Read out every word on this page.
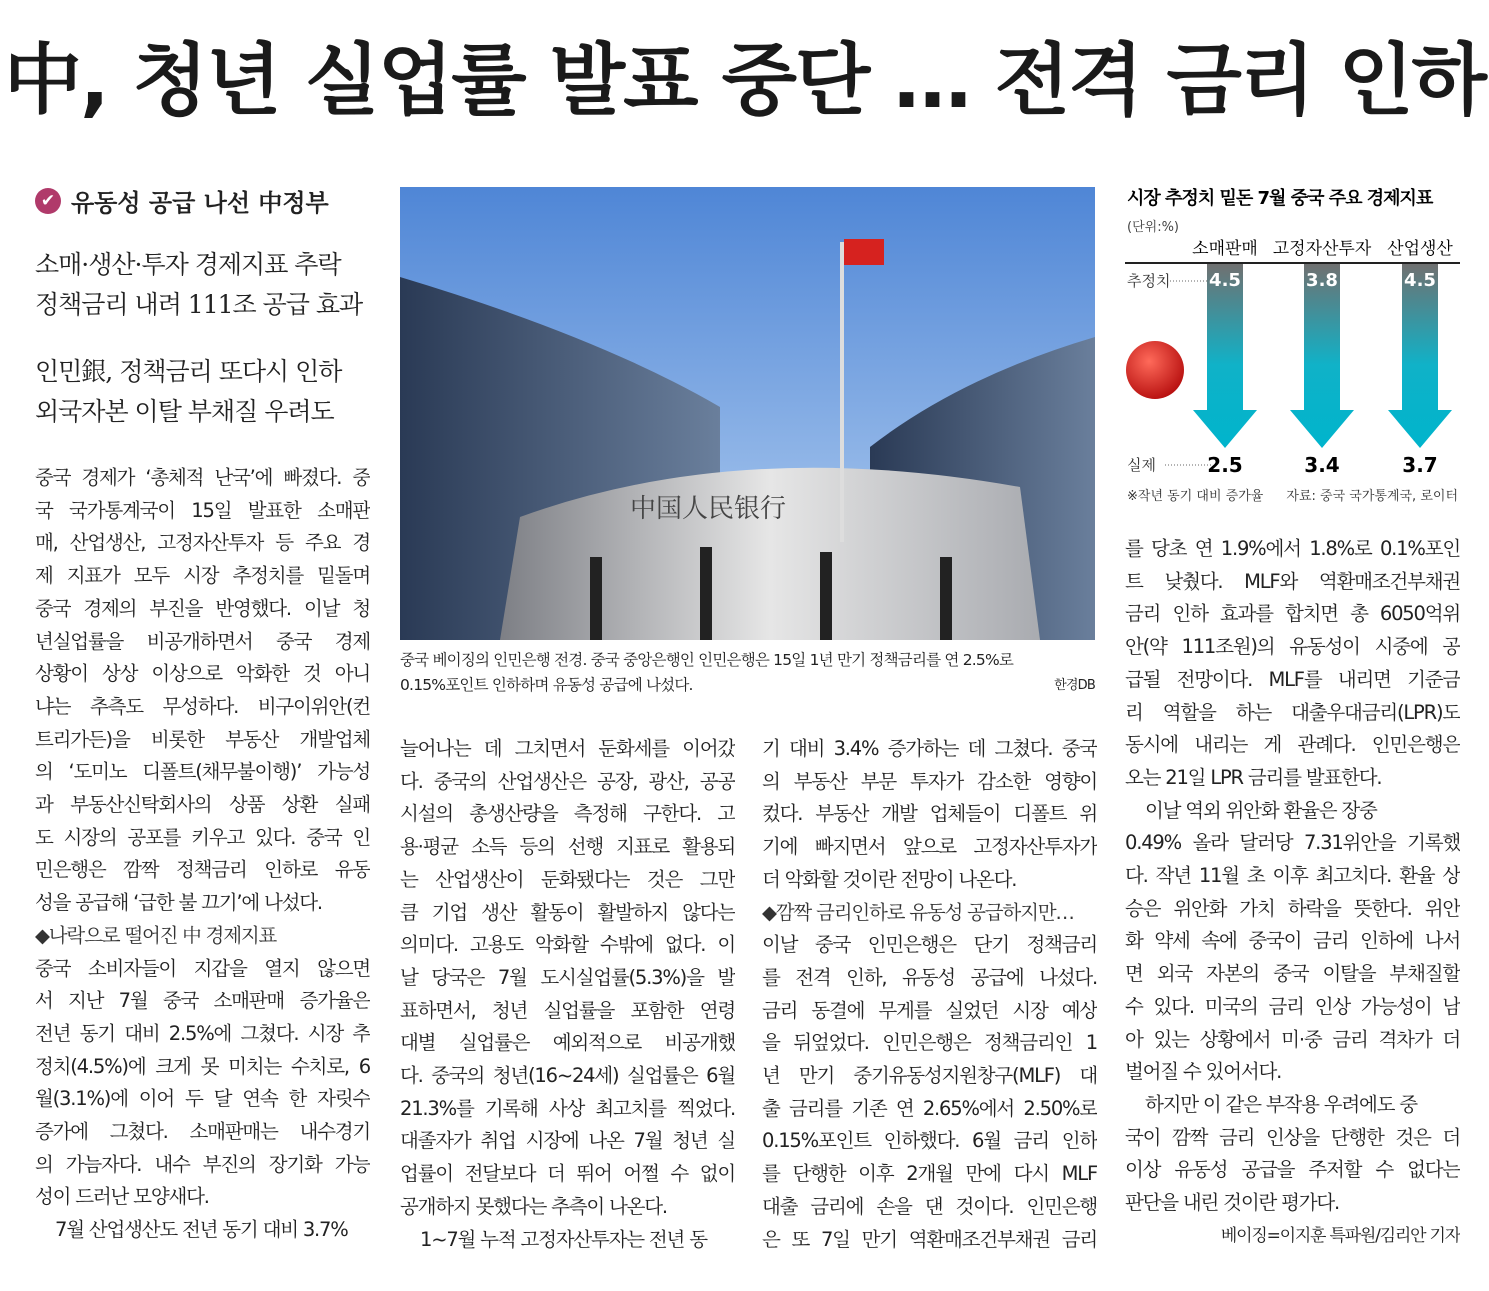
中, 청년 실업률 발표 중단 … 전격 금리 인하
✔ 유동성 공급 나선 中정부
소매·생산·투자 경제지표 추락
정책금리 내려 111조 공급 효과
인민銀, 정책금리 또다시 인하
외국자본 이탈 부채질 우려도
中国人民银行
중국 베이징의 인민은행 전경. 중국 중앙은행인 인민은행은 15일 1년 만기 정책금리를 연 2.5%로
0.15%포인트 인하하며 유동성 공급에 나섰다.	한경DB
시장 추정치 밑돈 7월 중국 주요 경제지표
(단위:%)
추정치
실제
소매판매
4.5
2.5
고정자산투자
3.8
3.4
산업생산
4.5
3.7
※작년 동기 대비 증가율 자료: 중국 국가통계국, 로이터
중국 경제가 ‘총체적 난국’에 빠졌다. 중
국 국가통계국이 15일 발표한 소매판
매, 산업생산, 고정자산투자 등 주요 경
제 지표가 모두 시장 추정치를 밑돌며
중국 경제의 부진을 반영했다. 이날 청
년실업률을 비공개하면서 중국 경제
상황이 상상 이상으로 악화한 것 아니
냐는 추측도 무성하다. 비구이위안(컨
트리가든)을 비롯한 부동산 개발업체
의 ‘도미노 디폴트(채무불이행)’ 가능성
과 부동산신탁회사의 상품 상환 실패
도 시장의 공포를 키우고 있다. 중국 인
민은행은 깜짝 정책금리 인하로 유동
성을 공급해 ‘급한 불 끄기’에 나섰다.
◆나락으로 떨어진 中 경제지표
중국 소비자들이 지갑을 열지 않으면
서 지난 7월 중국 소매판매 증가율은
전년 동기 대비 2.5%에 그쳤다. 시장 추
정치(4.5%)에 크게 못 미치는 수치로, 6
월(3.1%)에 이어 두 달 연속 한 자릿수
증가에 그쳤다. 소매판매는 내수경기
의 가늠자다. 내수 부진의 장기화 가능
성이 드러난 모양새다.
7월 산업생산도 전년 동기 대비 3.7%
늘어나는 데 그치면서 둔화세를 이어갔
다. 중국의 산업생산은 공장, 광산, 공공
시설의 총생산량을 측정해 구한다. 고
용·평균 소득 등의 선행 지표로 활용되
는 산업생산이 둔화됐다는 것은 그만
큼 기업 생산 활동이 활발하지 않다는
의미다. 고용도 악화할 수밖에 없다. 이
날 당국은 7월 도시실업률(5.3%)을 발
표하면서, 청년 실업률을 포함한 연령
대별 실업률은 예외적으로 비공개했
다. 중국의 청년(16~24세) 실업률은 6월
21.3%를 기록해 사상 최고치를 찍었다.
대졸자가 취업 시장에 나온 7월 청년 실
업률이 전달보다 더 뛰어 어쩔 수 없이
공개하지 못했다는 추측이 나온다.
1~7월 누적 고정자산투자는 전년 동
기 대비 3.4% 증가하는 데 그쳤다. 중국
의 부동산 부문 투자가 감소한 영향이
컸다. 부동산 개발 업체들이 디폴트 위
기에 빠지면서 앞으로 고정자산투자가
더 악화할 것이란 전망이 나온다.
◆깜짝 금리인하로 유동성 공급하지만…
이날 중국 인민은행은 단기 정책금리
를 전격 인하, 유동성 공급에 나섰다.
금리 동결에 무게를 실었던 시장 예상
을 뒤엎었다. 인민은행은 정책금리인 1
년 만기 중기유동성지원창구(MLF) 대
출 금리를 기존 연 2.65%에서 2.50%로
0.15%포인트 인하했다. 6월 금리 인하
를 단행한 이후 2개월 만에 다시 MLF
대출 금리에 손을 댄 것이다. 인민은행
은 또 7일 만기 역환매조건부채권 금리
를 당초 연 1.9%에서 1.8%로 0.1%포인
트 낮췄다. MLF와 역환매조건부채권
금리 인하 효과를 합치면 총 6050억위
안(약 111조원)의 유동성이 시중에 공
급될 전망이다. MLF를 내리면 기준금
리 역할을 하는 대출우대금리(LPR)도
동시에 내리는 게 관례다. 인민은행은
오는 21일 LPR 금리를 발표한다.
이날 역외 위안화 환율은 장중
0.49% 올라 달러당 7.31위안을 기록했
다. 작년 11월 초 이후 최고치다. 환율 상
승은 위안화 가치 하락을 뜻한다. 위안
화 약세 속에 중국이 금리 인하에 나서
면 외국 자본의 중국 이탈을 부채질할
수 있다. 미국의 금리 인상 가능성이 남
아 있는 상황에서 미·중 금리 격차가 더
벌어질 수 있어서다.
하지만 이 같은 부작용 우려에도 중
국이 깜짝 금리 인상을 단행한 것은 더
이상 유동성 공급을 주저할 수 없다는
판단을 내린 것이란 평가다.
베이징=이지훈 특파원/김리안 기자
